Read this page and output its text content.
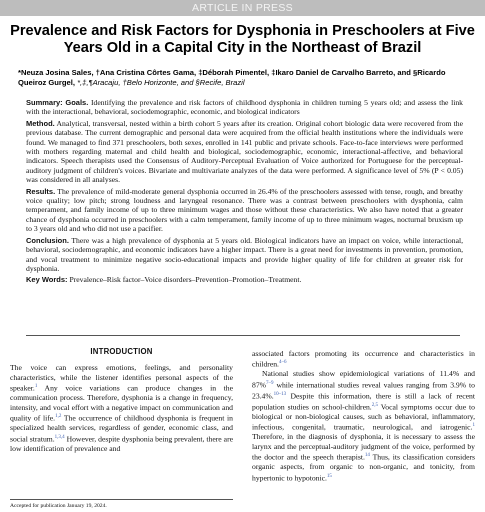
ARTICLE IN PRESS
Prevalence and Risk Factors for Dysphonia in Preschoolers at Five Years Old in a Capital City in the Northeast of Brazil
*Neuza Josina Sales, †Ana Cristina Côrtes Gama, ‡Déborah Pimentel, ‡Ikaro Daniel de Carvalho Barreto, and §Ricardo Queiroz Gurgel, *,‡,¶Aracaju, †Belo Horizonte, and §Recife, Brazil

Summary: Goals. Identifying the prevalence and risk factors of childhood dysphonia in children turning 5 years old; and assess the link with the interactional, behavioral, sociodemographic, economic, and biological indicators

Method. Analytical, transversal, nested within a birth cohort 5 years after its creation. Original cohort biologic data were recovered from the previous database. The current demographic and personal data were acquired from the official health institutions where the individuals were found. We managed to find 371 preschoolers, both sexes, enrolled in 141 public and private schools. Face-to-face interviews were performed with mothers regarding maternal and child health and biological, sociodemographic, economic, interactional-affective, and behavioral indicators. Speech therapists used the Consensus of Auditory-Perceptual Evaluation of Voice authorized for Portuguese for the perceptual-auditory judgment of children's voices. Bivariate and multivariate analyzes of the data were performed. A significance level of 5% (P < 0.05) was considered in all analyses.

Results. The prevalence of mild-moderate general dysphonia occurred in 26.4% of the preschoolers assessed with tense, rough, and breathy voice quality; low pitch; strong loudness and laryngeal resonance. There was a contrast between preschoolers with dysphonia, calm temperament, and family income of up to three minimum wages and those without these characteristics. We also have noted that a greater chance of dysphonia occurred in preschoolers with a calm temperament, family income of up to three minimum wages, nocturnal bruxism up to 3 years old and who did not use a pacifier.

Conclusion. There was a high prevalence of dysphonia at 5 years old. Biological indicators have an impact on voice, while interactional, behavioral, sociodemographic, and economic indicators have a higher impact. There is a great need for investments in prevention, promotion, and vocal treatment to minimize negative socio-educational impacts and provide higher quality of life for children at greater risk for dysphonia.

Key Words: Prevalence–Risk factor–Voice disorders–Prevention–Promotion–Treatment.

INTRODUCTION

The voice can express emotions, feelings, and personality characteristics, while the listener identifies personal aspects of the speaker.$^1$ Any voice variations can produce changes in the communication process. Therefore, dysphonia is a change in frequency, intensity, and vocal effort with a negative impact on communication and quality of life.$^{1,2}$ The occurrence of childhood dysphonia is frequent in specialized health services, regardless of gender, economic class, and social stratum.$^{1,3,4}$ However, despite dysphonia being prevalent, there are low identification of prevalence and

associated factors promoting its occurrence and characteristics in children.$^{4-6}$

National studies show epidemiological variations of 11.4% and 87%$^{7-9}$ while international studies reveal values ranging from 3.9% to 23.4%.$^{10-13}$ Despite this information, there is still a lack of recent population studies on school-children.$^{2,5}$ Vocal symptoms occur due to biological or non-biological causes, such as behavioral, inflammatory, infectious, congenital, traumatic, neurological, and iatrogenic.$^1$ Therefore, in the diagnosis of dysphonia, it is necessary to assess the larynx and the perceptual-auditory judgment of the voice, performed by the doctor and the speech therapist.$^{14}$ Thus, its classification considers organic aspects, from organic to non-organic, and tonicity, from hypertonic to hypotonic.$^{15}$

Accepted for publication January 19, 2024.
